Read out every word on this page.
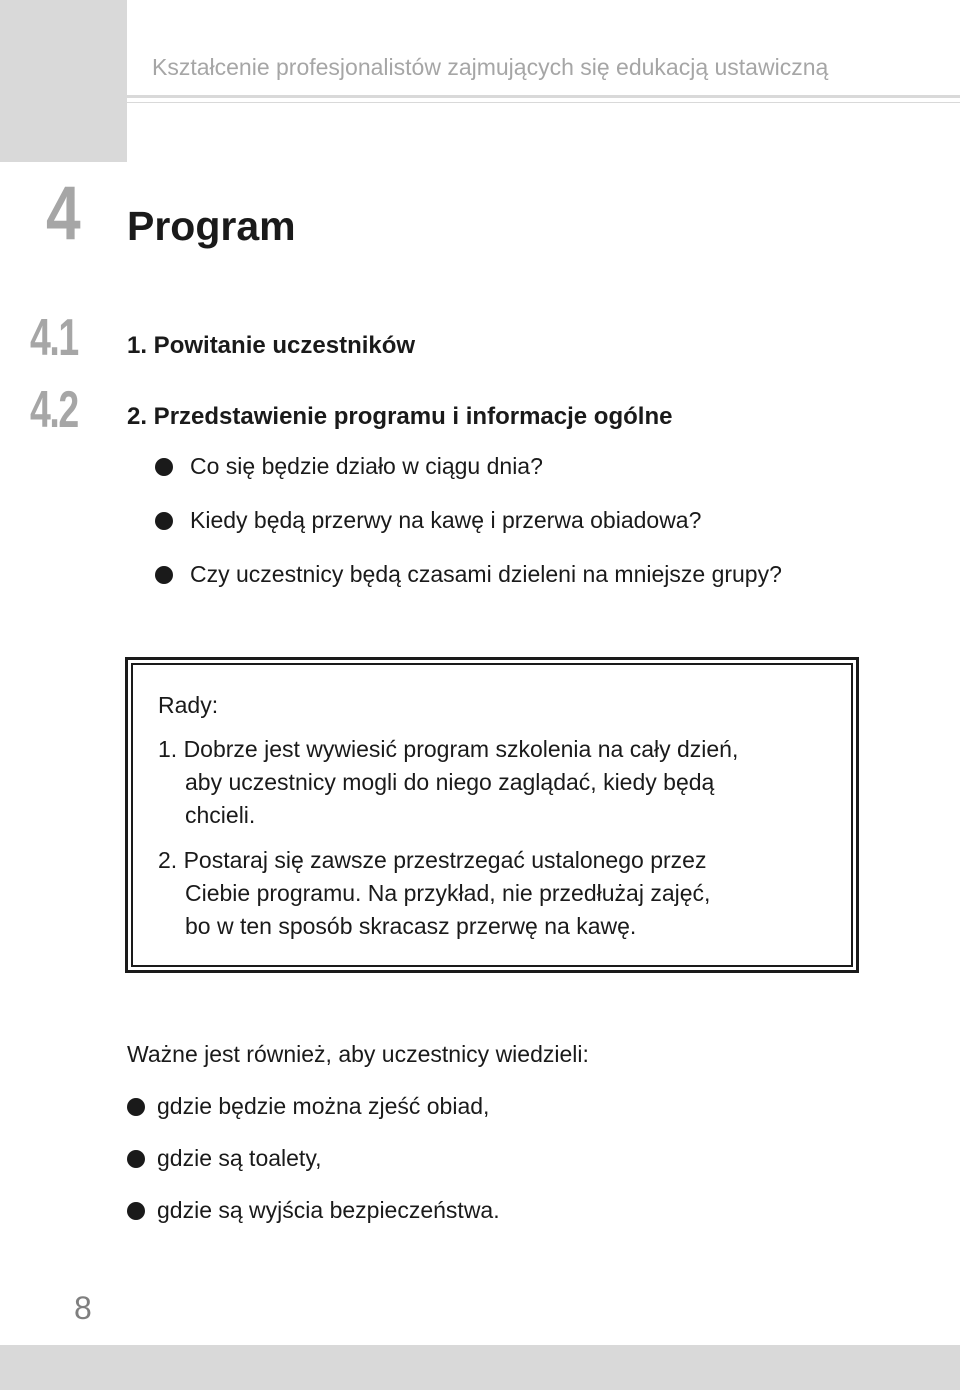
Kształcenie profesjonalistów zajmujących się edukacją ustawiczną
4 Program
4.1 1. Powitanie uczestników
4.2 2. Przedstawienie programu i informacje ogólne
Co się będzie działo w ciągu dnia?
Kiedy będą przerwy na kawę i przerwa obiadowa?
Czy uczestnicy będą czasami dzieleni na mniejsze grupy?
Rady:
1. Dobrze jest wywiesić program szkolenia na cały dzień,
aby uczestnicy mogli do niego zaglądać, kiedy będą
chcieli.
2. Postaraj się zawsze przestrzegać ustalonego przez
Ciebie programu. Na przykład, nie przedłużaj zajęć,
bo w ten sposób skracasz przerwę na kawę.
Ważne jest również, aby uczestnicy wiedzieli:
gdzie będzie można zjeść obiad,
gdzie są toalety,
gdzie są wyjścia bezpieczeństwa.
8
